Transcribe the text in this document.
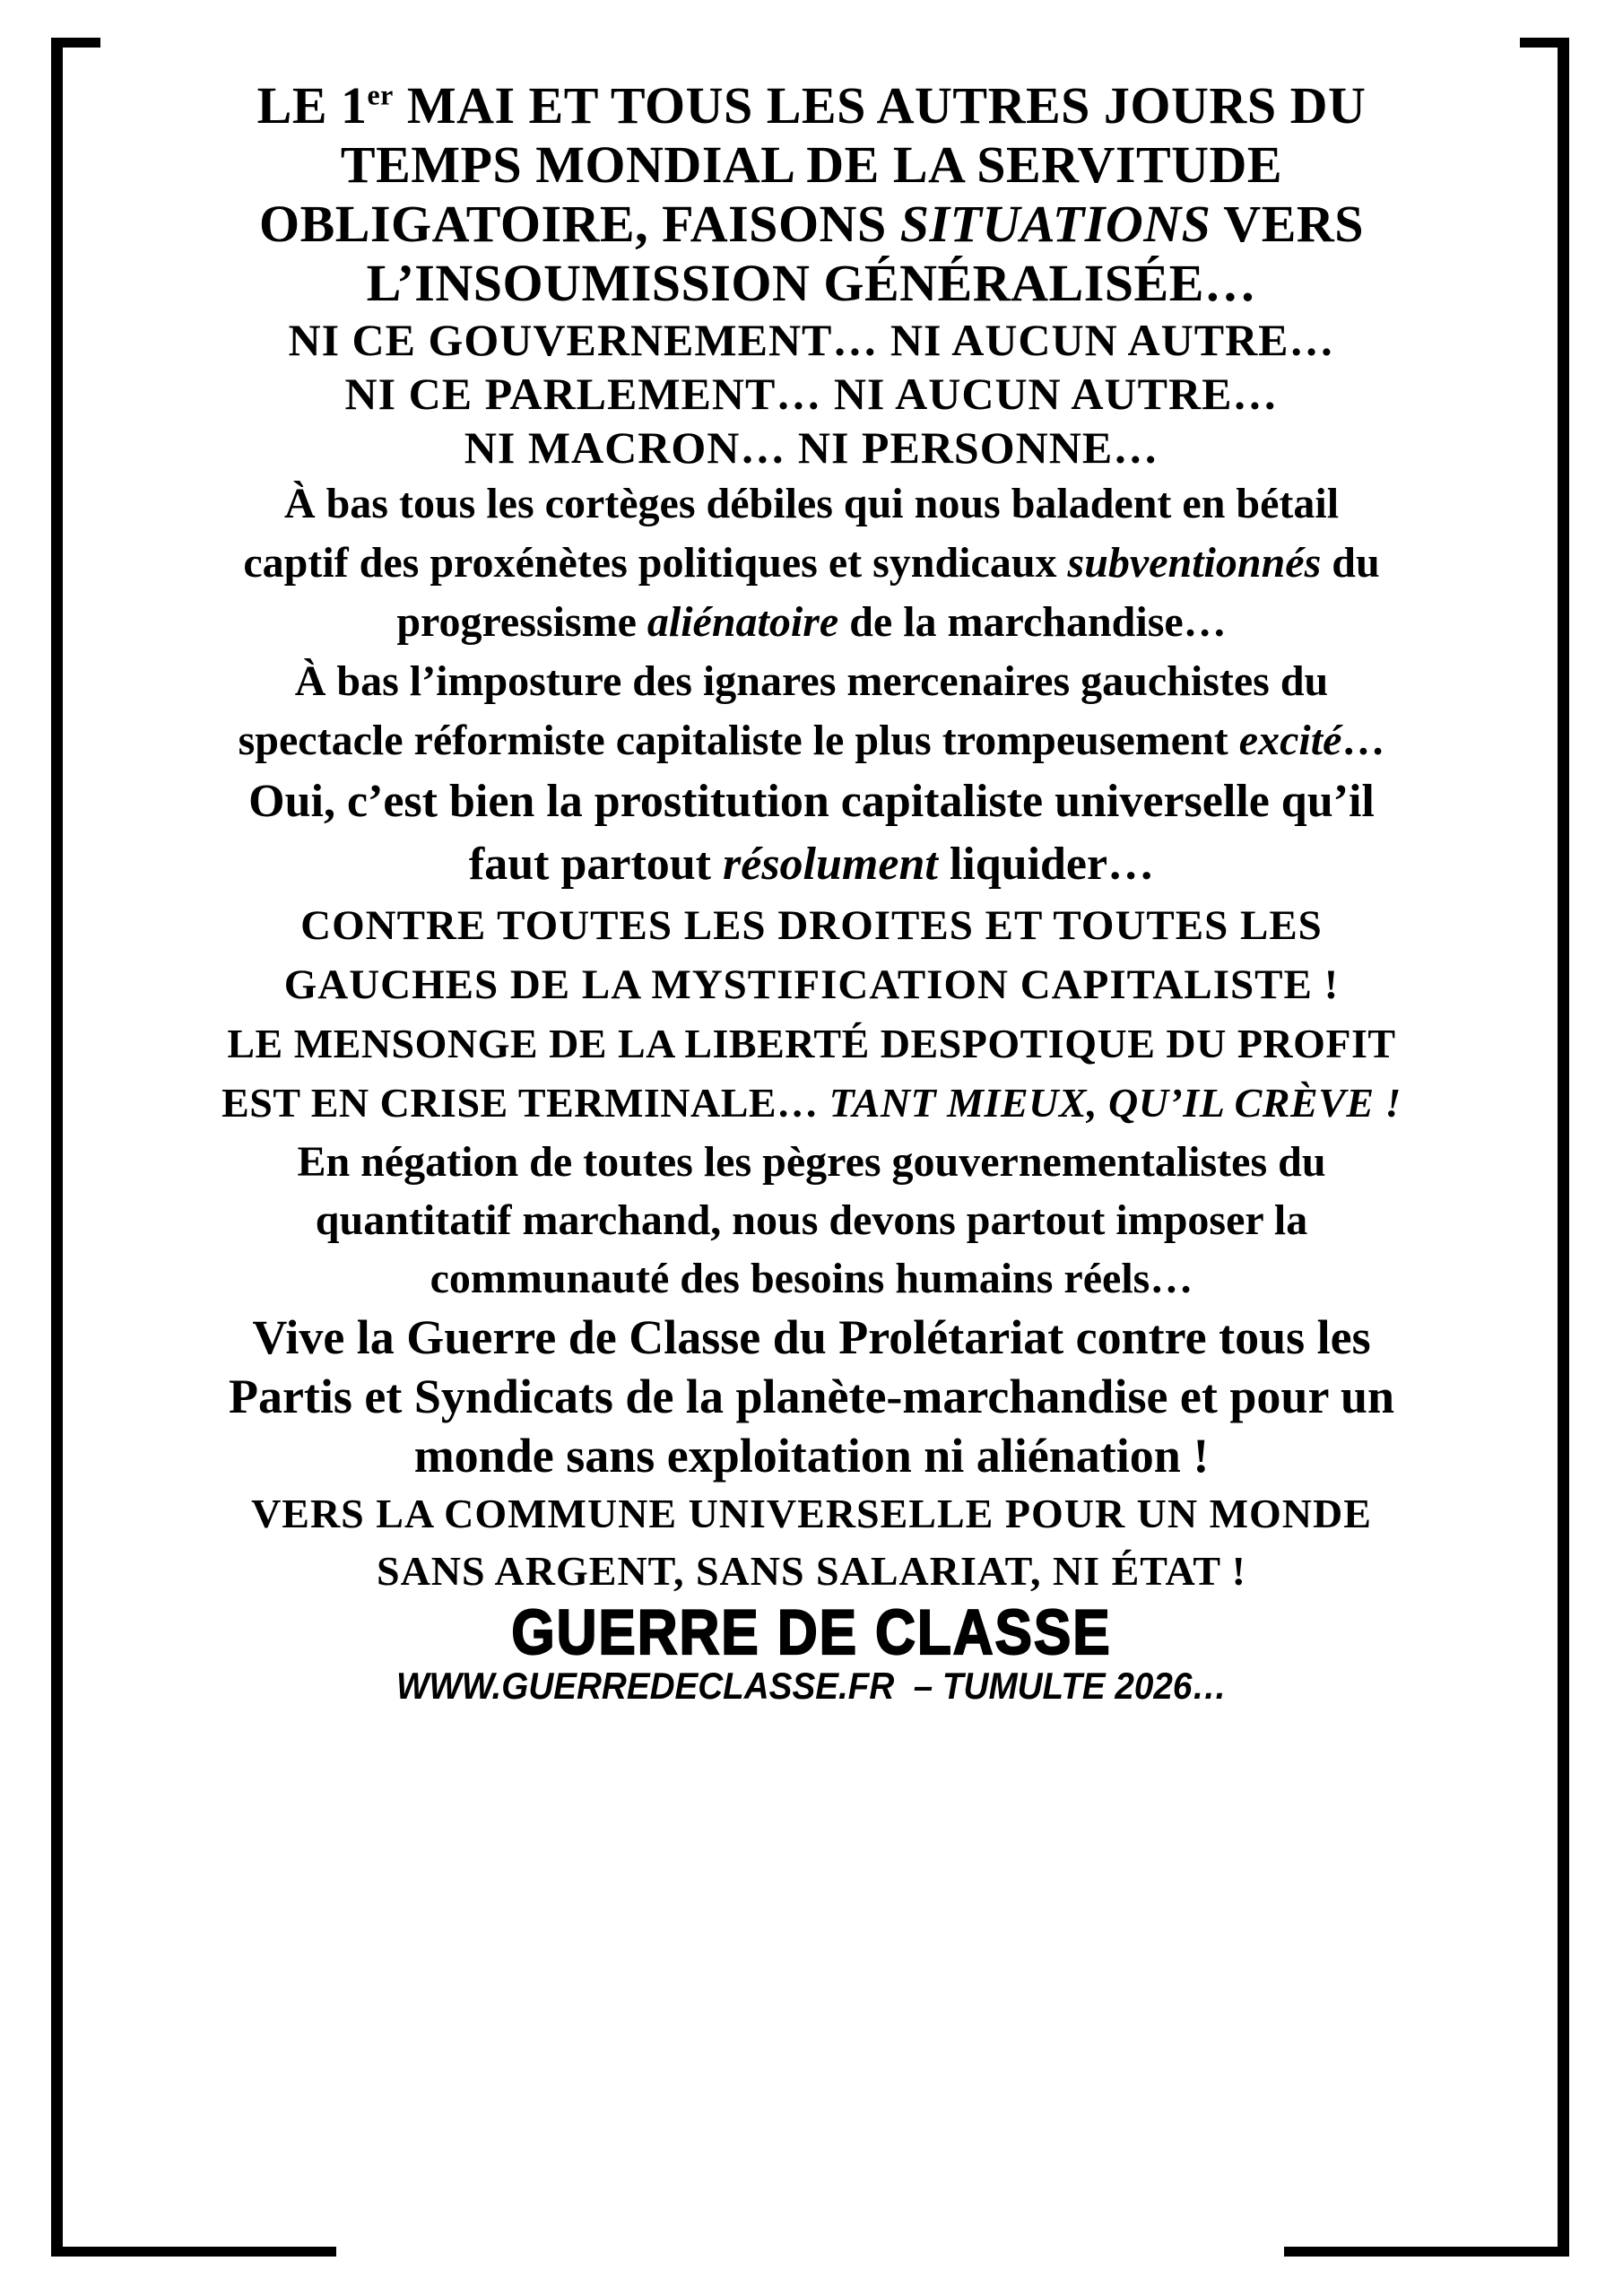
LE 1er MAI ET TOUS LES AUTRES JOURS DU
TEMPS MONDIAL DE LA SERVITUDE
OBLIGATOIRE, FAISONS SITUATIONS VERS
L’INSOUMISSION GÉNÉRALISÉE…

NI CE GOUVERNEMENT… NI AUCUN AUTRE…
NI CE PARLEMENT… NI AUCUN AUTRE…
NI MACRON… NI PERSONNE…

À bas tous les cortèges débiles qui nous baladent en bétail
captif des proxénètes politiques et syndicaux subventionnés du
progressisme aliénatoire de la marchandise…

À bas l’imposture des ignares mercenaires gauchistes du
spectacle réformiste capitaliste le plus trompeusement excité…

Oui, c’est bien la prostitution capitaliste universelle qu’il
faut partout résolument liquider…

CONTRE TOUTES LES DROITES ET TOUTES LES
GAUCHES DE LA MYSTIFICATION CAPITALISTE !

LE MENSONGE DE LA LIBERTÉ DESPOTIQUE DU PROFIT
EST EN CRISE TERMINALE… TANT MIEUX, QU’IL CRÈVE !

En négation de toutes les pègres gouvernementalistes du
quantitatif marchand, nous devons partout imposer la
communauté des besoins humains réels…

Vive la Guerre de Classe du Prolétariat contre tous les
Partis et Syndicats de la planète-marchandise et pour un
monde sans exploitation ni aliénation !

VERS LA COMMUNE UNIVERSELLE POUR UN MONDE
SANS ARGENT, SANS SALARIAT, NI ÉTAT !

GUERRE DE CLASSE

WWW.GUERREDECLASSE.FR  – TUMULTE 2026…
